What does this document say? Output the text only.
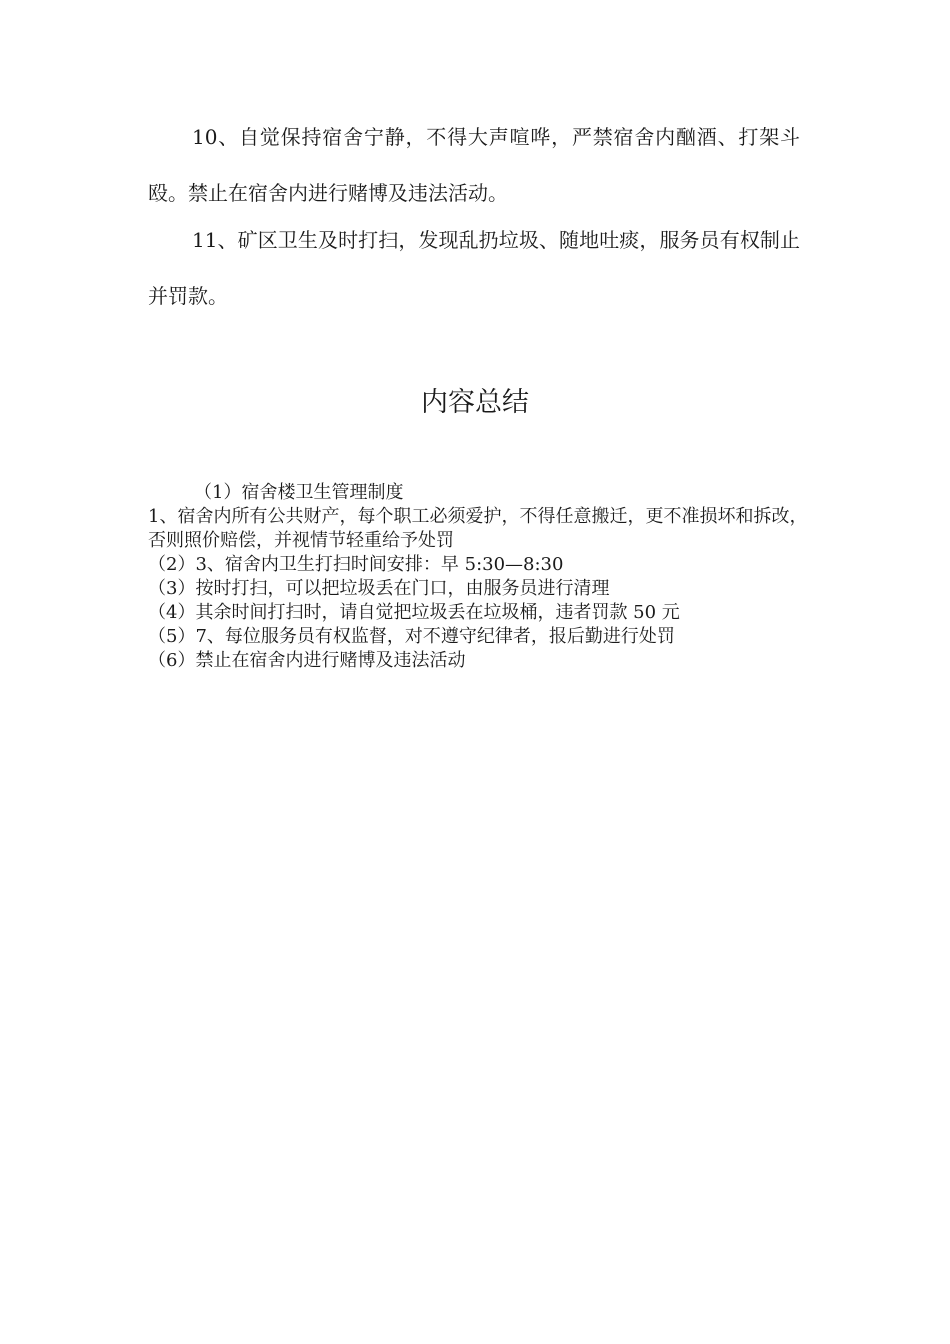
10、自觉保持宿舍宁静，不得大声喧哗，严禁宿舍内酗酒、打架斗殴。禁止在宿舍内进行赌博及违法活动。

11、矿区卫生及时打扫，发现乱扔垃圾、随地吐痰，服务员有权制止并罚款。

内容总结

（1）宿舍楼卫生管理制度

1、宿舍内所有公共财产，每个职工必须爱护，不得任意搬迁，更不准损坏和拆改，否则照价赔偿，并视情节轻重给予处罚

（2）3、宿舍内卫生打扫时间安排：早 5:30—8:30

（3）按时打扫，可以把垃圾丢在门口，由服务员进行清理

（4）其余时间打扫时，请自觉把垃圾丢在垃圾桶，违者罚款 50 元

（5）7、每位服务员有权监督，对不遵守纪律者，报后勤进行处罚

（6）禁止在宿舍内进行赌博及违法活动
